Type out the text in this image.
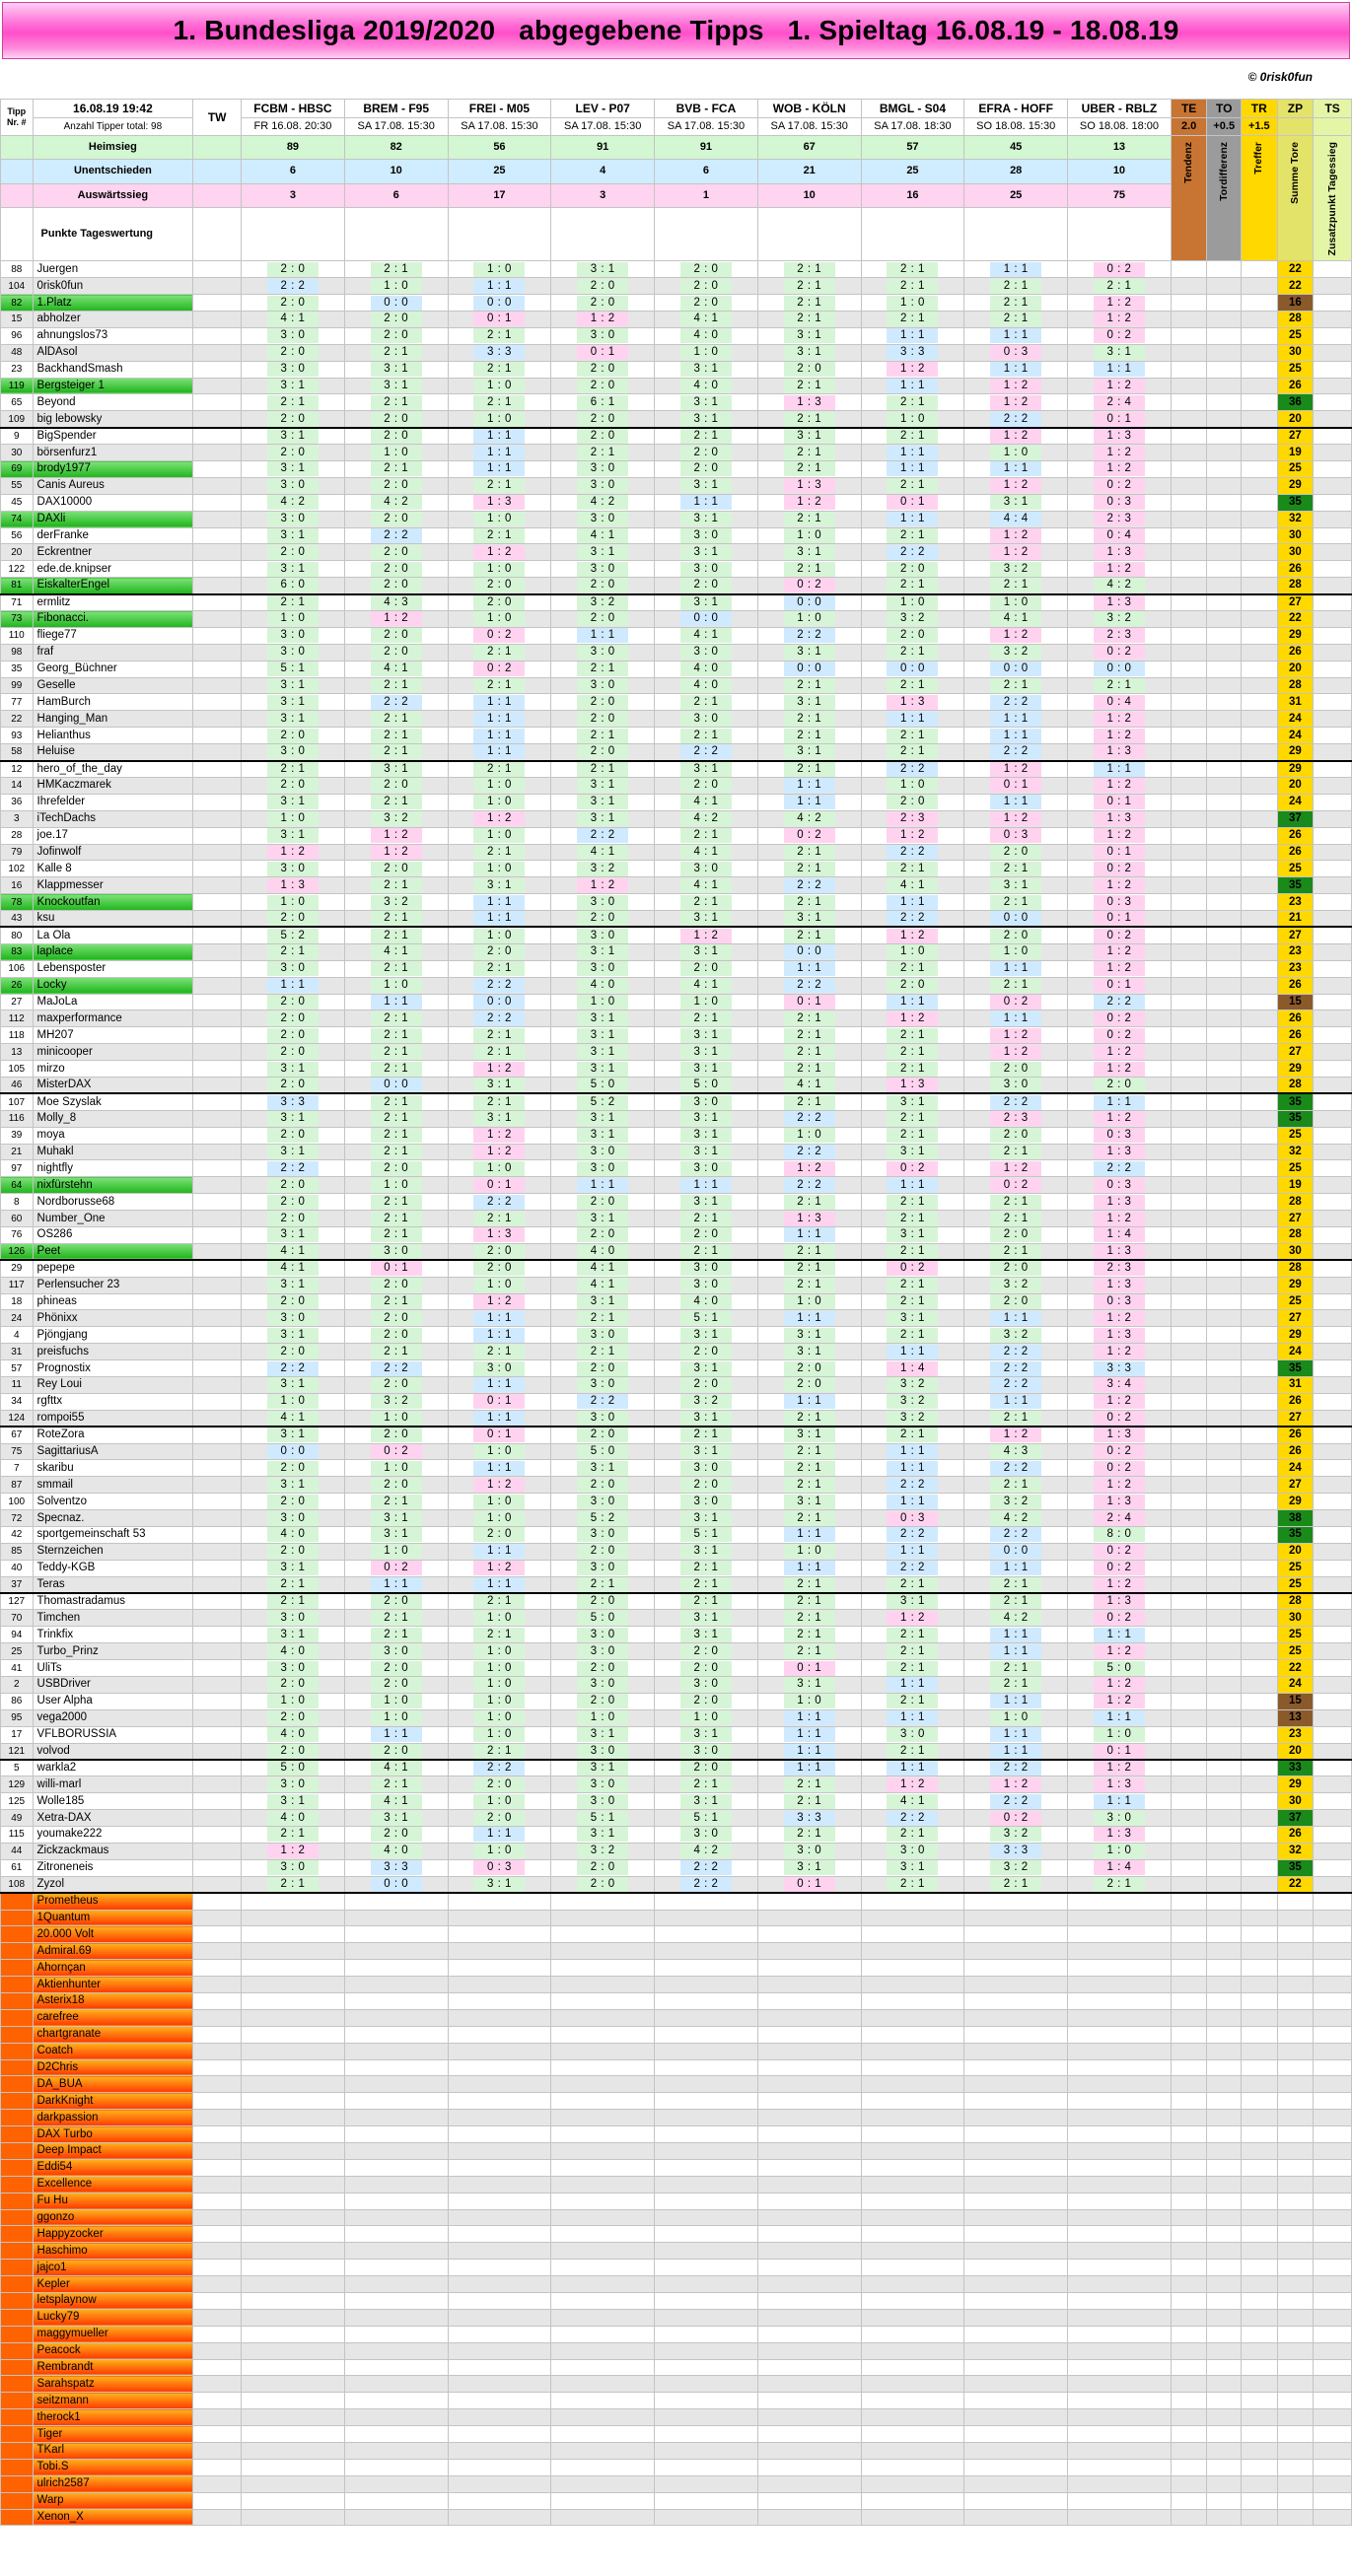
1. Bundesliga 2019/2020   abgegebene Tipps   1. Spieltag 16.08.19 - 18.08.19
© 0risk0fun
Tipp Nr. #	16.08.19 19:42	TW	FCBM - HBSC	BREM - F95	FREI - M05	LEV - P07	BVB - FCA	WOB - KÖLN	BMGL - S04	EFRA - HOFF	UBER - RBLZ	TE	TO	TR	ZP	TS
	Anzahl Tipper total: 98		FR 16.08. 20:30	SA 17.08. 15:30	SA 17.08. 15:30	SA 17.08. 15:30	SA 17.08. 15:30	SA 17.08. 15:30	SA 17.08. 18:30	SO 18.08. 15:30	SO 18.08. 18:00	2.0	+0.5	+1.5		
	Heimsieg		89	82	56	91	91	67	57	45	13	Tendenz	Tordifferenz	Treffer	Summe Tore	Zusatzpunkt Tagessieg
	Unentschieden		6	10	25	4	6	21	25	28	10					
	Auswärtssieg		3	6	17	3	1	10	16	25	75					
	Punkte Tageswertung															
88	Juergen		2 : 0	2 : 1	1 : 0	3 : 1	2 : 0	2 : 1	2 : 1	1 : 1	0 : 2				22	
104	0risk0fun		2 : 2	1 : 0	1 : 1	2 : 0	2 : 0	2 : 1	2 : 1	2 : 1	2 : 1				22	
82	1.Platz		2 : 0	0 : 0	0 : 0	2 : 0	2 : 0	2 : 1	1 : 0	2 : 1	1 : 2				16	
15	abholzer		4 : 1	2 : 0	0 : 1	1 : 2	4 : 1	2 : 1	2 : 1	2 : 1	1 : 2				28	
96	ahnungslos73		3 : 0	2 : 0	2 : 1	3 : 0	4 : 0	3 : 1	1 : 1	1 : 1	0 : 2				25	
48	AlDAsol		2 : 0	2 : 1	3 : 3	0 : 1	1 : 0	3 : 1	3 : 3	0 : 3	3 : 1				30	
23	BackhandSmash		3 : 0	3 : 1	2 : 1	2 : 0	3 : 1	2 : 0	1 : 2	1 : 1	1 : 1				25	
119	Bergsteiger 1		3 : 1	3 : 1	1 : 0	2 : 0	4 : 0	2 : 1	1 : 1	1 : 2	1 : 2				26	
65	Beyond		2 : 1	2 : 1	2 : 1	6 : 1	3 : 1	1 : 3	2 : 1	1 : 2	2 : 4				36	
109	big lebowsky		2 : 0	2 : 0	1 : 0	2 : 0	3 : 1	2 : 1	1 : 0	2 : 2	0 : 1				20	
9	BigSpender		3 : 1	2 : 0	1 : 1	2 : 0	2 : 1	3 : 1	2 : 1	1 : 2	1 : 3				27	
30	börsenfurz1		2 : 0	1 : 0	1 : 1	2 : 1	2 : 0	2 : 1	1 : 1	1 : 0	1 : 2				19	
69	brody1977		3 : 1	2 : 1	1 : 1	3 : 0	2 : 0	2 : 1	1 : 1	1 : 1	1 : 2				25	
55	Canis Aureus		3 : 0	2 : 0	2 : 1	3 : 0	3 : 1	1 : 3	2 : 1	1 : 2	0 : 2				29	
45	DAX10000		4 : 2	4 : 2	1 : 3	4 : 2	1 : 1	1 : 2	0 : 1	3 : 1	0 : 3				35	
74	DAXli		3 : 0	2 : 0	1 : 0	3 : 0	3 : 1	2 : 1	1 : 1	4 : 4	2 : 3				32	
56	derFranke		3 : 1	2 : 2	2 : 1	4 : 1	3 : 0	1 : 0	2 : 1	1 : 2	0 : 4				30	
20	Eckrentner		2 : 0	2 : 0	1 : 2	3 : 1	3 : 1	3 : 1	2 : 2	1 : 2	1 : 3				30	
122	ede.de.knipser		3 : 1	2 : 0	1 : 0	3 : 0	3 : 0	2 : 1	2 : 0	3 : 2	1 : 2				26	
81	EiskalterEngel		6 : 0	2 : 0	2 : 0	2 : 0	2 : 0	0 : 2	2 : 1	2 : 1	4 : 2				28	
71	ermlitz		2 : 1	4 : 3	2 : 0	3 : 2	3 : 1	0 : 0	1 : 0	1 : 0	1 : 3				27	
73	Fibonacci.		1 : 0	1 : 2	1 : 0	2 : 0	0 : 0	1 : 0	3 : 2	4 : 1	3 : 2				22	
110	fliege77		3 : 0	2 : 0	0 : 2	1 : 1	4 : 1	2 : 2	2 : 0	1 : 2	2 : 3				29	
98	fraf		3 : 0	2 : 0	2 : 1	3 : 0	3 : 0	3 : 1	2 : 1	3 : 2	0 : 2				26	
35	Georg_Büchner		5 : 1	4 : 1	0 : 2	2 : 1	4 : 0	0 : 0	0 : 0	0 : 0	0 : 0				20	
99	Geselle		3 : 1	2 : 1	2 : 1	3 : 0	4 : 0	2 : 1	2 : 1	2 : 1	2 : 1				28	
77	HamBurch		3 : 1	2 : 2	1 : 1	2 : 0	2 : 1	3 : 1	1 : 3	2 : 2	0 : 4				31	
22	Hanging_Man		3 : 1	2 : 1	1 : 1	2 : 0	3 : 0	2 : 1	1 : 1	1 : 1	1 : 2				24	
93	Helianthus		2 : 0	2 : 1	1 : 1	2 : 1	2 : 1	2 : 1	2 : 1	1 : 1	1 : 2				24	
58	Heluise		3 : 0	2 : 1	1 : 1	2 : 0	2 : 2	3 : 1	2 : 1	2 : 2	1 : 3				29	
12	hero_of_the_day		2 : 1	3 : 1	2 : 1	2 : 1	3 : 1	2 : 1	2 : 2	1 : 2	1 : 1				29	
14	HMKaczmarek		2 : 0	2 : 0	1 : 0	3 : 1	2 : 0	1 : 1	1 : 0	0 : 1	1 : 2				20	
36	Ihrefelder		3 : 1	2 : 1	1 : 0	3 : 1	4 : 1	1 : 1	2 : 0	1 : 1	0 : 1				24	
3	iTechDachs		1 : 0	3 : 2	1 : 2	3 : 1	4 : 2	4 : 2	2 : 3	1 : 2	1 : 3				37	
28	joe.17		3 : 1	1 : 2	1 : 0	2 : 2	2 : 1	0 : 2	1 : 2	0 : 3	1 : 2				26	
79	Jofinwolf		1 : 2	1 : 2	2 : 1	4 : 1	4 : 1	2 : 1	2 : 2	2 : 0	0 : 1				26	
102	Kalle 8		3 : 0	2 : 0	1 : 0	3 : 2	3 : 0	2 : 1	2 : 1	2 : 1	0 : 2				25	
16	Klappmesser		1 : 3	2 : 1	3 : 1	1 : 2	4 : 1	2 : 2	4 : 1	3 : 1	1 : 2				35	
78	Knockoutfan		1 : 0	3 : 2	1 : 1	3 : 0	2 : 1	2 : 1	1 : 1	2 : 1	0 : 3				23	
43	ksu		2 : 0	2 : 1	1 : 1	2 : 0	3 : 1	3 : 1	2 : 2	0 : 0	0 : 1				21	
80	La Ola		5 : 2	2 : 1	1 : 0	3 : 0	1 : 2	2 : 1	1 : 2	2 : 0	0 : 2				27	
83	laplace		2 : 1	4 : 1	2 : 0	3 : 1	3 : 1	0 : 0	1 : 0	1 : 0	1 : 2				23	
106	Lebensposter		3 : 0	2 : 1	2 : 1	3 : 0	2 : 0	1 : 1	2 : 1	1 : 1	1 : 2				23	
26	Locky		1 : 1	1 : 0	2 : 2	4 : 0	4 : 1	2 : 2	2 : 0	2 : 1	0 : 1				26	
27	MaJoLa		2 : 0	1 : 1	0 : 0	1 : 0	1 : 0	0 : 1	1 : 1	0 : 2	2 : 2				15	
112	maxperformance		2 : 0	2 : 1	2 : 2	3 : 1	2 : 1	2 : 1	1 : 2	1 : 1	0 : 2				26	
118	MH207		2 : 0	2 : 1	2 : 1	3 : 1	3 : 1	2 : 1	2 : 1	1 : 2	0 : 2				26	
13	minicooper		2 : 0	2 : 1	2 : 1	3 : 1	3 : 1	2 : 1	2 : 1	1 : 2	1 : 2				27	
105	mirzo		3 : 1	2 : 1	1 : 2	3 : 1	3 : 1	2 : 1	2 : 1	2 : 0	1 : 2				29	
46	MisterDAX		2 : 0	0 : 0	3 : 1	5 : 0	5 : 0	4 : 1	1 : 3	3 : 0	2 : 0				28	
107	Moe Szyslak		3 : 3	2 : 1	2 : 1	5 : 2	3 : 0	2 : 1	3 : 1	2 : 2	1 : 1				35	
116	Molly_8		3 : 1	2 : 1	3 : 1	3 : 1	3 : 1	2 : 2	2 : 1	2 : 3	1 : 2				35	
39	moya		2 : 0	2 : 1	1 : 2	3 : 1	3 : 1	1 : 0	2 : 1	2 : 0	0 : 3				25	
21	Muhakl		3 : 1	2 : 1	1 : 2	3 : 0	3 : 1	2 : 2	3 : 1	2 : 1	1 : 3				32	
97	nightfly		2 : 2	2 : 0	1 : 0	3 : 0	3 : 0	1 : 2	0 : 2	1 : 2	2 : 2				25	
64	nixfürstehn		2 : 0	1 : 0	0 : 1	1 : 1	1 : 1	2 : 2	1 : 1	0 : 2	0 : 3				19	
8	Nordborusse68		2 : 0	2 : 1	2 : 2	2 : 0	3 : 1	2 : 1	2 : 1	2 : 1	1 : 3				28	
60	Number_One		2 : 0	2 : 1	2 : 1	3 : 1	2 : 1	1 : 3	2 : 1	2 : 1	1 : 2				27	
76	OS286		3 : 1	2 : 1	1 : 3	2 : 0	2 : 0	1 : 1	3 : 1	2 : 0	1 : 4				28	
126	Peet		4 : 1	3 : 0	2 : 0	4 : 0	2 : 1	2 : 1	2 : 1	2 : 1	1 : 3				30	
29	pepepe		4 : 1	0 : 1	2 : 0	4 : 1	3 : 0	2 : 1	0 : 2	2 : 0	2 : 3				28	
117	Perlensucher 23		3 : 1	2 : 0	1 : 0	4 : 1	3 : 0	2 : 1	2 : 1	3 : 2	1 : 3				29	
18	phineas		2 : 0	2 : 1	1 : 2	3 : 1	4 : 0	1 : 0	2 : 1	2 : 0	0 : 3				25	
24	Phönixx		3 : 0	2 : 0	1 : 1	2 : 1	5 : 1	1 : 1	3 : 1	1 : 1	1 : 2				27	
4	Pjöngjang		3 : 1	2 : 0	1 : 1	3 : 0	3 : 1	3 : 1	2 : 1	3 : 2	1 : 3				29	
31	preisfuchs		2 : 0	2 : 1	2 : 1	2 : 1	2 : 0	3 : 1	1 : 1	2 : 2	1 : 2				24	
57	Prognostix		2 : 2	2 : 2	3 : 0	2 : 0	3 : 1	2 : 0	1 : 4	2 : 2	3 : 3				35	
11	Rey Loui		3 : 1	2 : 0	1 : 1	3 : 0	2 : 0	2 : 0	3 : 2	2 : 2	3 : 4				31	
34	rgfttx		1 : 0	3 : 2	0 : 1	2 : 2	3 : 2	1 : 1	3 : 2	1 : 1	1 : 2				26	
124	rompoi55		4 : 1	1 : 0	1 : 1	3 : 0	3 : 1	2 : 1	3 : 2	2 : 1	0 : 2				27	
67	RoteZora		3 : 1	2 : 0	0 : 1	2 : 0	2 : 1	3 : 1	2 : 1	1 : 2	1 : 3				26	
75	SagittariusA		0 : 0	0 : 2	1 : 0	5 : 0	3 : 1	2 : 1	1 : 1	4 : 3	0 : 2				26	
7	skaribu		2 : 0	1 : 0	1 : 1	3 : 1	3 : 0	2 : 1	1 : 1	2 : 2	0 : 2				24	
87	smmail		3 : 1	2 : 0	1 : 2	2 : 0	2 : 0	2 : 1	2 : 2	2 : 1	1 : 2				27	
100	Solventzo		2 : 0	2 : 1	1 : 0	3 : 0	3 : 0	3 : 1	1 : 1	3 : 2	1 : 3				29	
72	Specnaz.		3 : 0	3 : 1	1 : 0	5 : 2	3 : 1	2 : 1	0 : 3	4 : 2	2 : 4				38	
42	sportgemeinschaft 53		4 : 0	3 : 1	2 : 0	3 : 0	5 : 1	1 : 1	2 : 2	2 : 2	8 : 0				35	
85	Sternzeichen		2 : 0	1 : 0	1 : 1	2 : 0	3 : 1	1 : 0	1 : 1	0 : 0	0 : 2				20	
40	Teddy-KGB		3 : 1	0 : 2	1 : 2	3 : 0	2 : 1	1 : 1	2 : 2	1 : 1	0 : 2				25	
37	Teras		2 : 1	1 : 1	1 : 1	2 : 1	2 : 1	2 : 1	2 : 1	2 : 1	1 : 2				25	
127	Thomastradamus		2 : 1	2 : 0	2 : 1	2 : 0	2 : 1	2 : 1	3 : 1	2 : 1	1 : 3				28	
70	Timchen		3 : 0	2 : 1	1 : 0	5 : 0	3 : 1	2 : 1	1 : 2	4 : 2	0 : 2				30	
94	Trinkfix		3 : 1	2 : 1	2 : 1	3 : 0	3 : 1	2 : 1	2 : 1	1 : 1	1 : 1				25	
25	Turbo_Prinz		4 : 0	3 : 0	1 : 0	3 : 0	2 : 0	2 : 1	2 : 1	1 : 1	1 : 2				25	
41	UliTs		3 : 0	2 : 0	1 : 0	2 : 0	2 : 0	0 : 1	2 : 1	2 : 1	5 : 0				22	
2	USBDriver		2 : 0	2 : 0	1 : 0	3 : 0	3 : 0	3 : 1	1 : 1	2 : 1	1 : 2				24	
86	User Alpha		1 : 0	1 : 0	1 : 0	2 : 0	2 : 0	1 : 0	2 : 1	1 : 1	1 : 2				15	
95	vega2000		2 : 0	1 : 0	1 : 0	1 : 0	1 : 0	1 : 1	1 : 1	1 : 0	1 : 1				13	
17	VFLBORUSSIA		4 : 0	1 : 1	1 : 0	3 : 1	3 : 1	1 : 1	3 : 0	1 : 1	1 : 0				23	
121	volvod		2 : 0	2 : 0	2 : 1	3 : 0	3 : 0	1 : 1	2 : 1	1 : 1	0 : 1				20	
5	warkla2		5 : 0	4 : 1	2 : 2	3 : 1	2 : 0	1 : 1	1 : 1	2 : 2	1 : 2				33	
129	willi-marl		3 : 0	2 : 1	2 : 0	3 : 0	2 : 1	2 : 1	1 : 2	1 : 2	1 : 3				29	
125	Wolle185		3 : 1	4 : 1	1 : 0	3 : 0	3 : 1	2 : 1	4 : 1	2 : 2	1 : 1				30	
49	Xetra-DAX		4 : 0	3 : 1	2 : 0	5 : 1	5 : 1	3 : 3	2 : 2	0 : 2	3 : 0				37	
115	youmake222		2 : 1	2 : 0	1 : 1	3 : 1	3 : 0	2 : 1	2 : 1	3 : 2	1 : 3				26	
44	Zickzackmaus		1 : 2	4 : 0	1 : 0	3 : 2	4 : 2	3 : 0	3 : 0	3 : 3	1 : 0				32	
61	Zitroneneis		3 : 0	3 : 3	0 : 3	2 : 0	2 : 2	3 : 1	3 : 1	3 : 2	1 : 4				35	
108	Zyzol		2 : 1	0 : 0	3 : 1	2 : 0	2 : 2	0 : 1	2 : 1	2 : 1	2 : 1				22	
	Prometheus															
	1Quantum															
	20.000 Volt															
	Admiral.69															
	Ahornçan															
	Aktienhunter															
	Asterix18															
	carefree															
	chartgranate															
	Coatch															
	D2Chris															
	DA_BUA															
	DarkKnight															
	darkpassion															
	DAX Turbo															
	Deep Impact															
	Eddi54															
	Excellence															
	Fu Hu															
	ggonzo															
	Happyzocker															
	Haschimo															
	jajco1															
	Kepler															
	letsplaynow															
	Lucky79															
	maggymueller															
	Peacock															
	Rembrandt															
	Sarahspatz															
	seitzmann															
	therock1															
	Tiger															
	TKarl															
	Tobi.S															
	ulrich2587															
	Warp															
	Xenon_X															
